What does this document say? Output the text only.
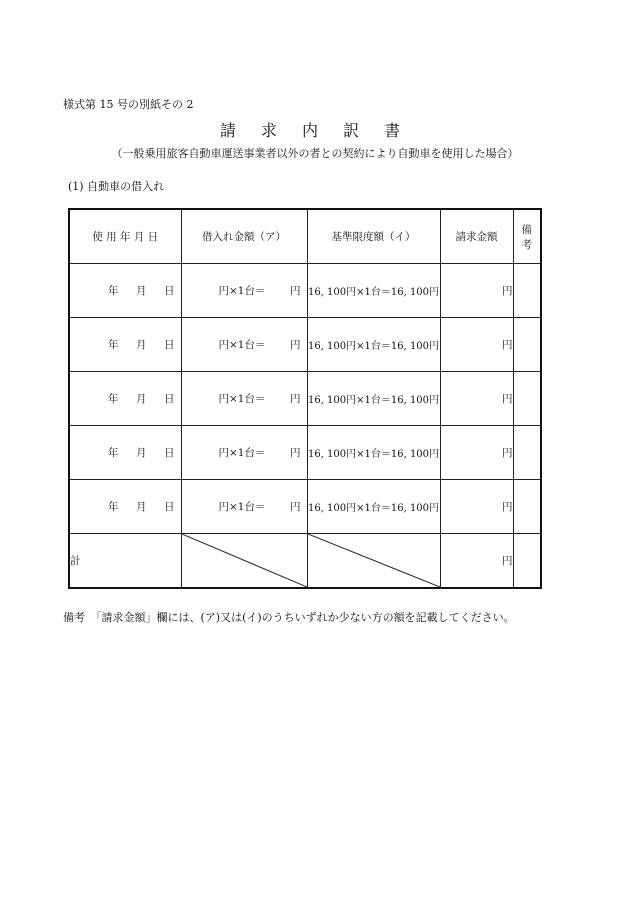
様式第 15 号の別紙その 2
請 求 内 訳 書
（一般乗用旅客自動車運送事業者以外の者との契約により自動車を使用した場合）
(1) 自動車の借入れ
使 用 年 月 日	借入れ金額（ア）	基準限度額（イ）	請求金額	備　考

年 月 日	円×1台＝ 円	16, 100円×1台＝16, 100円	円	

年 月 日	円×1台＝ 円	16, 100円×1台＝16, 100円	円	

年 月 日	円×1台＝ 円	16, 100円×1台＝16, 100円	円	

年 月 日	円×1台＝ 円	16, 100円×1台＝16, 100円	円	

年 月 日	円×1台＝ 円	16, 100円×1台＝16, 100円	円	
計			円	
備考　「請求金額」欄には、(ア)又は(イ)のうちいずれか少ない方の額を記載してください。
